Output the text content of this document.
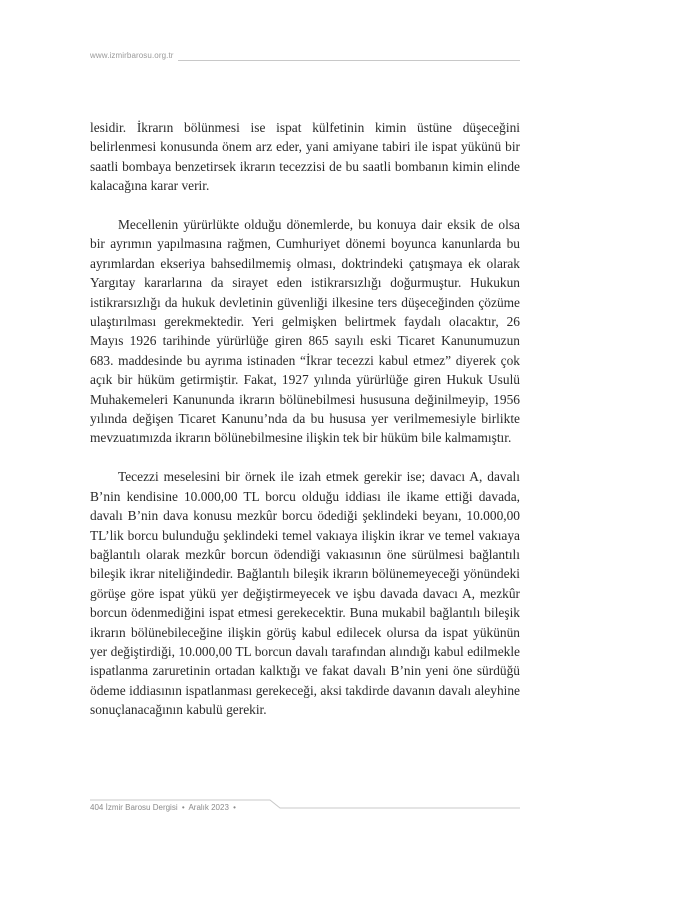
www.izmirbarosu.org.tr

lesidir. İkrarın bölünmesi ise ispat külfetinin kimin üstüne düşeceğini belirlenmesi konusunda önem arz eder, yani amiyane tabiri ile ispat yükünü bir saatli bombaya benzetirsek ikrarın tecezzisi de bu saatli bombanın kimin elinde kalacağına karar verir.

Mecellenin yürürlükte olduğu dönemlerde, bu konuya dair eksik de olsa bir ayrımın yapılmasına rağmen, Cumhuriyet dönemi boyunca kanunlarda bu ayrımlardan ekseriya bahsedilmemiş olması, doktrindeki çatışmaya ek olarak Yargıtay kararlarına da sirayet eden istikrarsızlığı doğurmuştur. Hukukun istikrarsızlığı da hukuk devletinin güvenliği ilkesine ters düşeceğinden çözüme ulaştırılması gerekmektedir. Yeri gelmişken belirtmek faydalı olacaktır, 26 Mayıs 1926 tarihinde yürürlüğe giren 865 sayılı eski Ticaret Kanunumuzun 683. maddesinde bu ayrıma istinaden “İkrar tecezzi kabul etmez” diyerek çok açık bir hüküm getirmiştir. Fakat, 1927 yılında yürürlüğe giren Hukuk Usulü Muhakemeleri Kanununda ikrarın bölünebilmesi hususuna değinilmeyip, 1956 yılında değişen Ticaret Kanunu’nda da bu hususa yer verilmemesiyle birlikte mevzuatımızda ikrarın bölünebilmesine ilişkin tek bir hüküm bile kalmamıştır.

Tecezzi meselesini bir örnek ile izah etmek gerekir ise; davacı A, davalı B’nin kendisine 10.000,00 TL borcu olduğu iddiası ile ikame ettiği davada, davalı B’nin dava konusu mezkûr borcu ödediği şeklindeki beyanı, 10.000,00 TL’lik borcu bulunduğu şeklindeki temel vakıaya ilişkin ikrar ve temel vakıaya bağlantılı olarak mezkûr borcun ödendiği vakıasının öne sürülmesi bağlantılı bileşik ikrar niteliğindedir. Bağlantılı bileşik ikrarın bölünemeyeceği yönündeki görüşe göre ispat yükü yer değiştirmeyecek ve işbu davada davacı A, mezkûr borcun ödenmediğini ispat etmesi gerekecektir. Buna mukabil bağlantılı bileşik ikrarın bölünebileceğine ilişkin görüş kabul edilecek olursa da ispat yükünün yer değiştirdiği, 10.000,00 TL borcun davalı tarafından alındığı kabul edilmekle ispatlanma zaruretinin ortadan kalktığı ve fakat davalı B’nin yeni öne sürdüğü ödeme iddiasının ispatlanması gerekeceği, aksi takdirde davanın davalı aleyhine sonuçlanacağının kabulü gerekir.

404 İzmir Barosu Dergisi • Aralık 2023 •
